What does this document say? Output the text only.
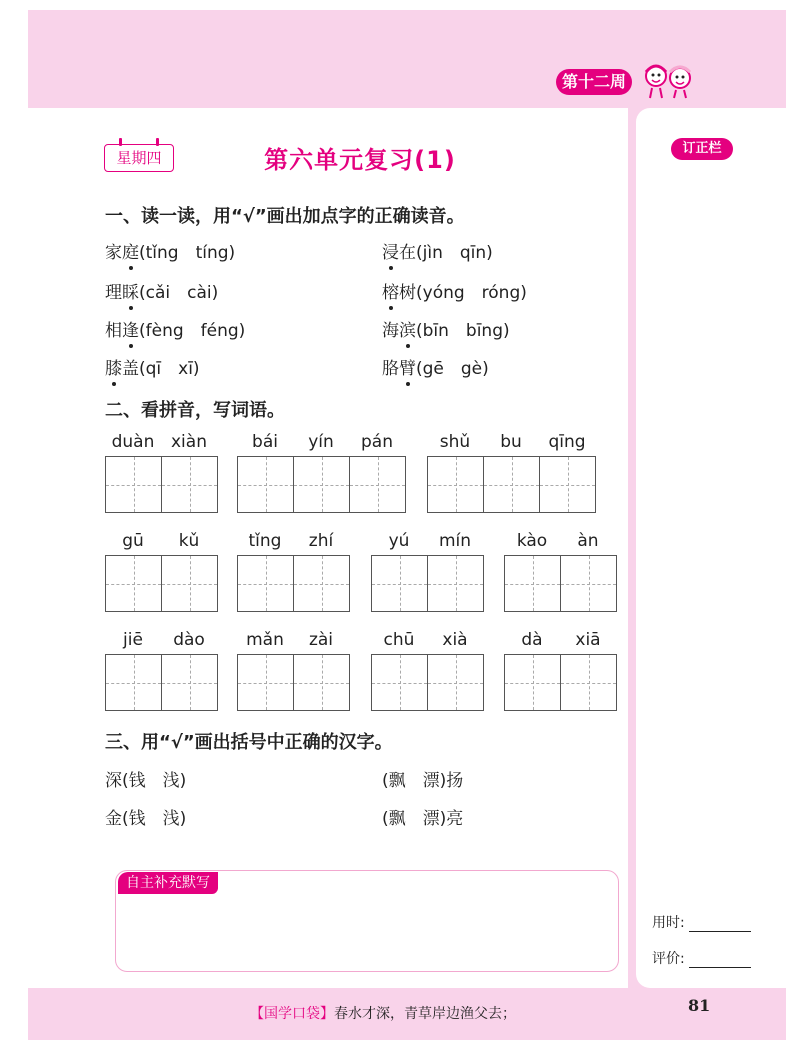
第十二周
星期四	第六单元复习(1)	订正栏
一、读一读，用“√”画出加点字的正确读音。
家庭(tǐng　tíng)	浸在(jìn　qīn)
理睬(cǎi　cài)	榕树(yóng　róng)
相逢(fèng　féng)	海滨(bīn　bīng)
膝盖(qī　xī)	胳臂(gē　gè)
二、看拼音，写词语。
duàn xiàn	bái	yín	pán	shǔ	bu	qīng
gū	kǔ	tǐng	zhí	yú	mín	kào	àn
jiē	dào	mǎn	zài	chū	xià	dà	xiā
三、用“√”画出括号中正确的汉字。
深(钱　浅)	(飘　漂)扬
金(钱　浅)	(飘　漂)亮
自主补充默写
用时:
评价:
【国学口袋】春水才深，青草岸边渔父去；	81
